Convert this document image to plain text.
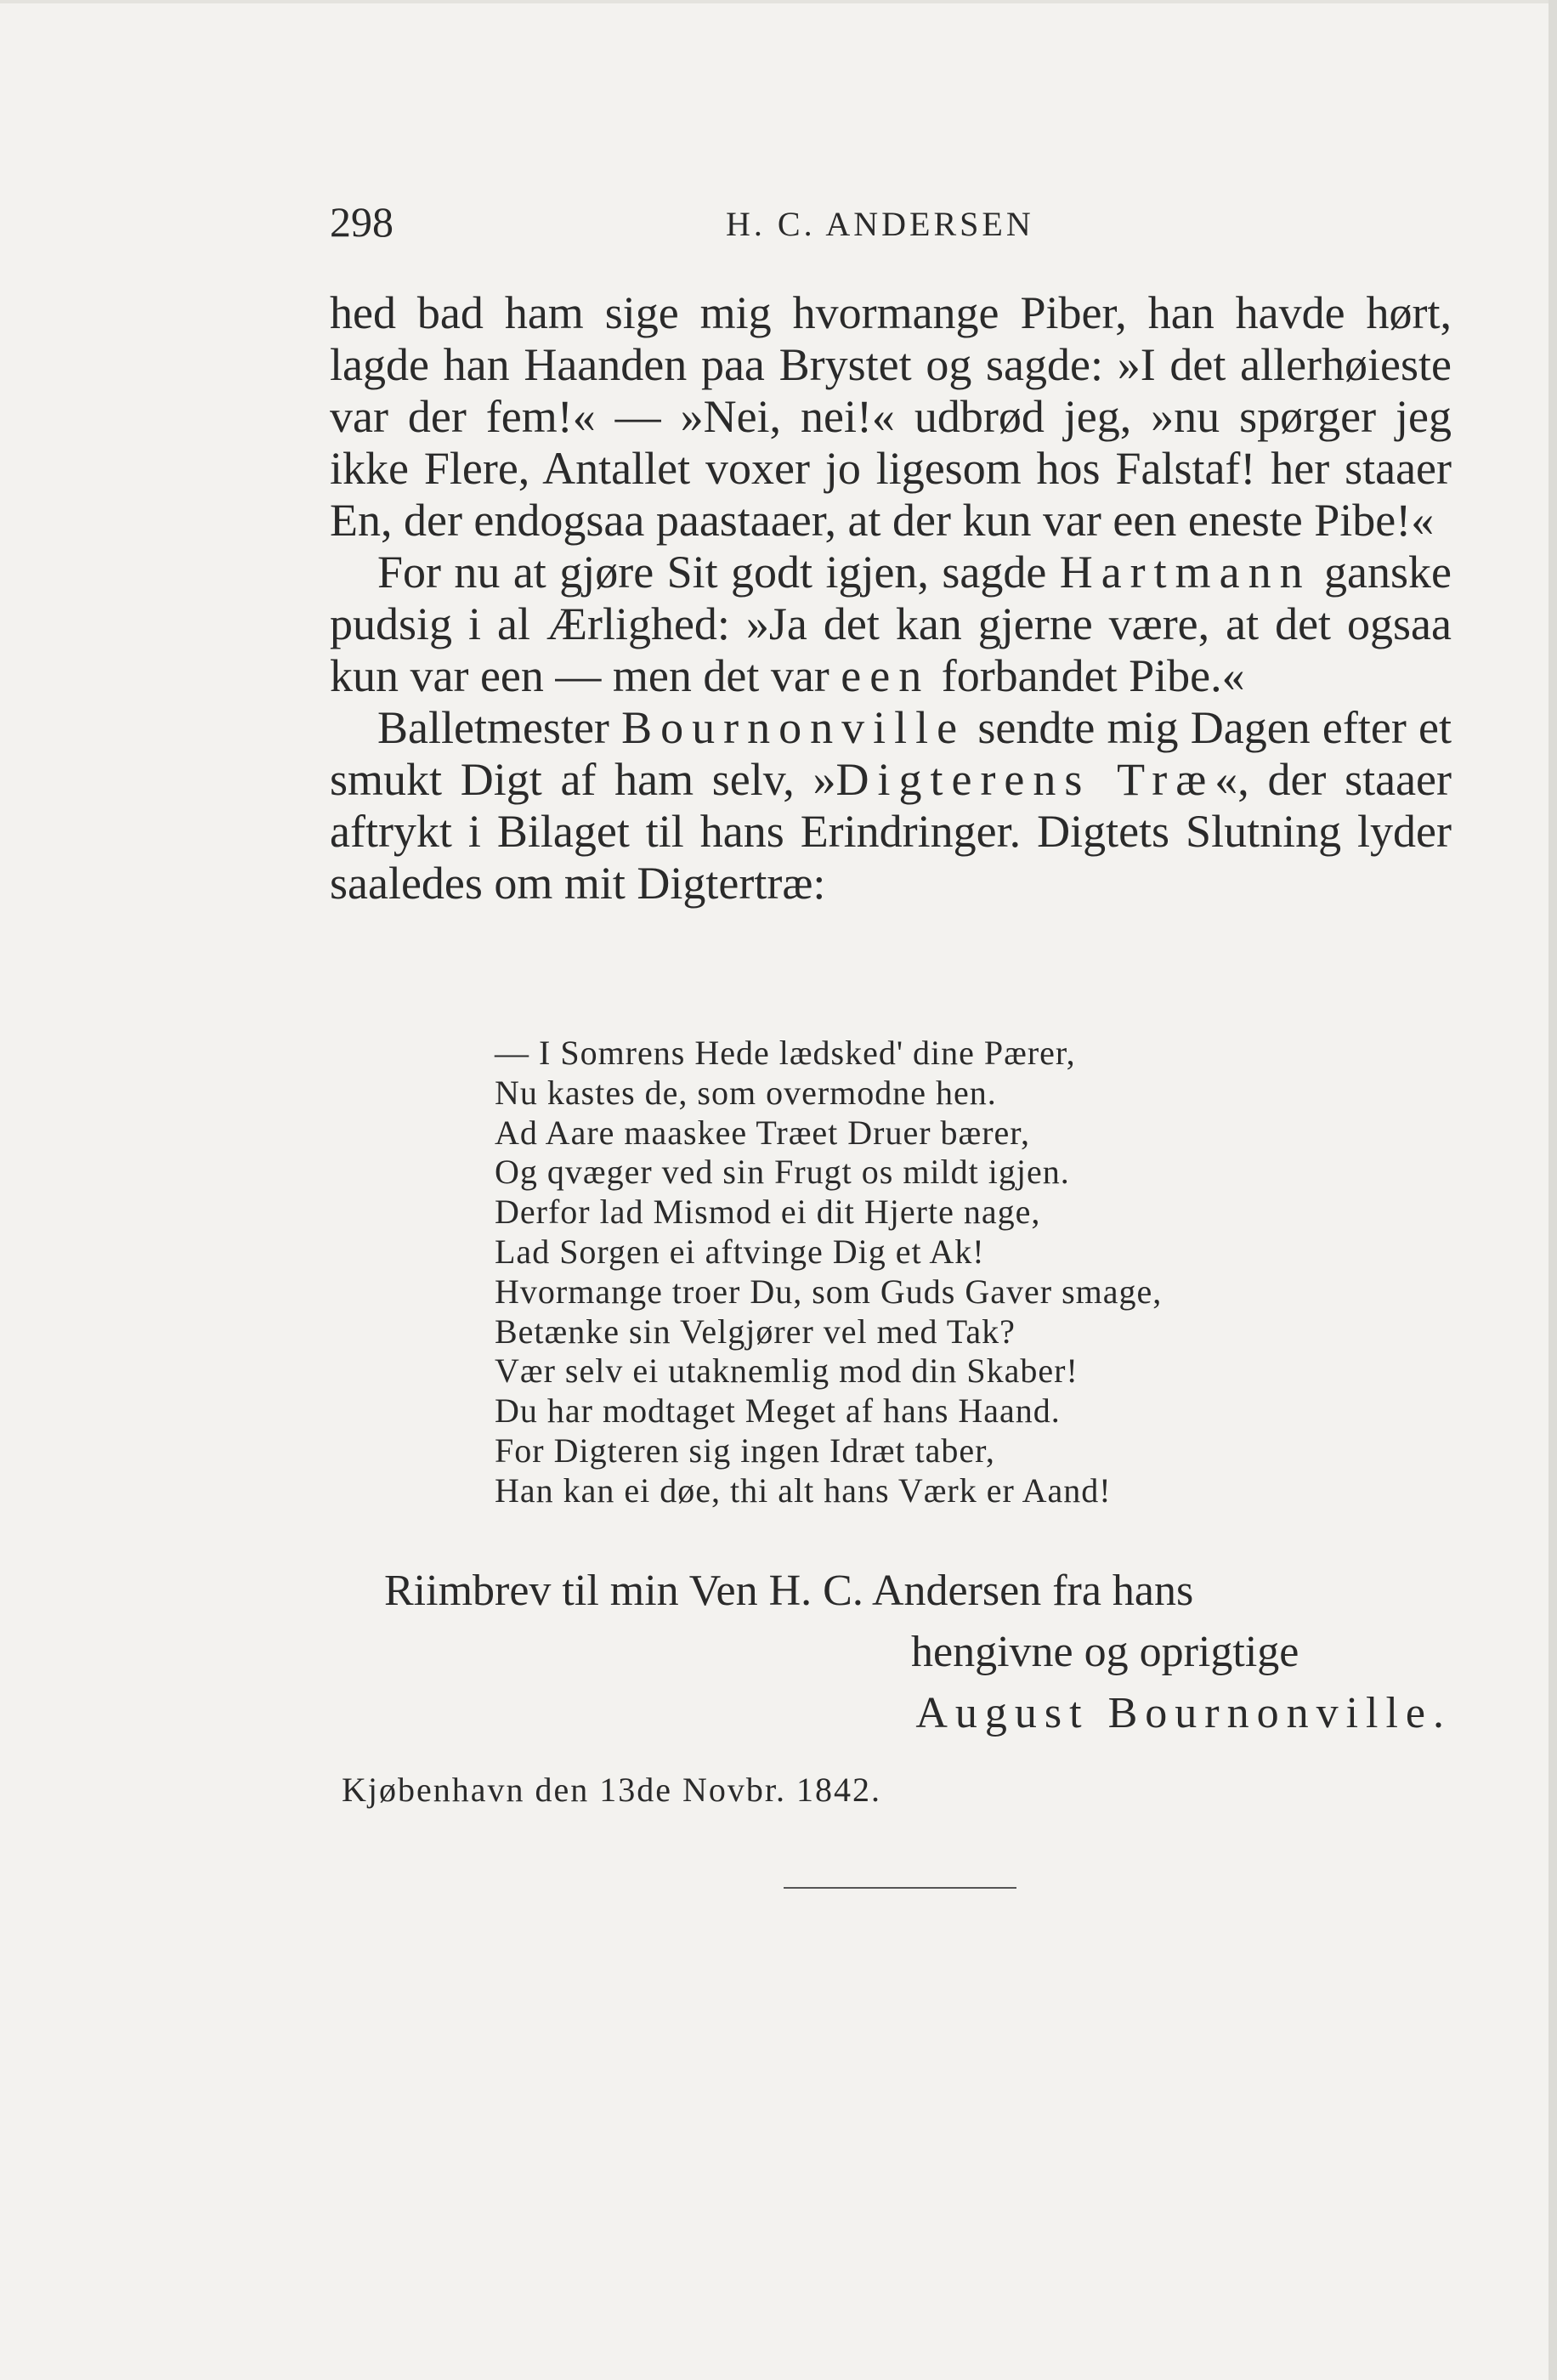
298	H. C. ANDERSEN

hed bad ham sige mig hvormange Piber, han havde hørt, lagde han Haanden paa Brystet og sagde: »I det allerhøieste var der fem!« — »Nei, nei!« udbrød jeg, »nu spørger jeg ikke Flere, Antallet voxer jo ligesom hos Falstaf! her staaer En, der endogsaa paastaaer, at der kun var een eneste Pibe!«

For nu at gjøre Sit godt igjen, sagde Hartmann ganske pudsig i al Ærlighed: »Ja det kan gjerne være, at det ogsaa kun var een — men det var een forbandet Pibe.«

Balletmester Bournonville sendte mig Dagen efter et smukt Digt af ham selv, »Digterens Træ«, der staaer aftrykt i Bilaget til hans Erindringer. Digtets Slutning lyder saaledes om mit Digtertræ:

— I Somrens Hede lædsked' dine Pærer,
Nu kastes de, som overmodne hen.
Ad Aare maaskee Træet Druer bærer,
Og qvæger ved sin Frugt os mildt igjen.
Derfor lad Mismod ei dit Hjerte nage,
Lad Sorgen ei aftvinge Dig et Ak!
Hvormange troer Du, som Guds Gaver smage,
Betænke sin Velgjører vel med Tak?
Vær selv ei utaknemlig mod din Skaber!
Du har modtaget Meget af hans Haand.
For Digteren sig ingen Idræt taber,
Han kan ei døe, thi alt hans Værk er Aand!
Riimbrev til min Ven H. C. Andersen fra hans
hengivne og oprigtige
August Bournonville.
Kjøbenhavn den 13de Novbr. 1842.
